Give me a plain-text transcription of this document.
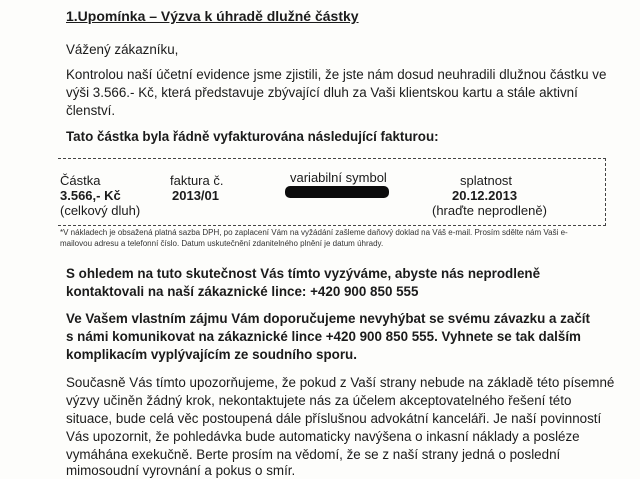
1.Upomínka – Výzva k úhradě dlužné částky
Vážený zákazníku,
Kontrolou naší účetní evidence jsme zjistili, že jste nám dosud neuhradili dlužnou částku ve
výši 3.566.- Kč, která představuje zbývající dluh za Vaši klientskou kartu a stále aktivní
členství.
Tato částka byla řádně vyfakturována následující fakturou:
Částka
3.566,- Kč
(celkový dluh)
faktura č.
2013/01
variabilní symbol	splatnost
20.12.2013
(hraďte neprodleně)
*V nákladech je obsažená platná sazba DPH, po zaplacení Vám na vyžádání zašleme daňový doklad na Váš e-mail. Prosím sdělte nám Vaši e-
mailovou adresu a telefonní číslo. Datum uskutečnění zdanitelného plnění je datum úhrady.
S ohledem na tuto skutečnost Vás tímto vyzýváme, abyste nás neprodleně
kontaktovali na naší zákaznické lince: +420 900 850 555
Ve Vašem vlastním zájmu Vám doporučujeme nevyhýbat se svému závazku a začít
s námi komunikovat na zákaznické lince +420 900 850 555. Vyhnete se tak dalším
komplikacím vyplývajícím ze soudního sporu.
Současně Vás tímto upozorňujeme, že pokud z Vaší strany nebude na základě této písemné
výzvy učiněn žádný krok, nekontaktujete nás za účelem akceptovatelného řešení této
situace, bude celá věc postoupená dále příslušnou advokátní kanceláři. Je naší povinností
Vás upozornit, že pohledávka bude automaticky navýšena o inkasní náklady a posléze
vymáhána exekučně. Berte prosím na vědomí, že se z naší strany jedná o poslední
mimosoudní vyrovnání a pokus o smír.
